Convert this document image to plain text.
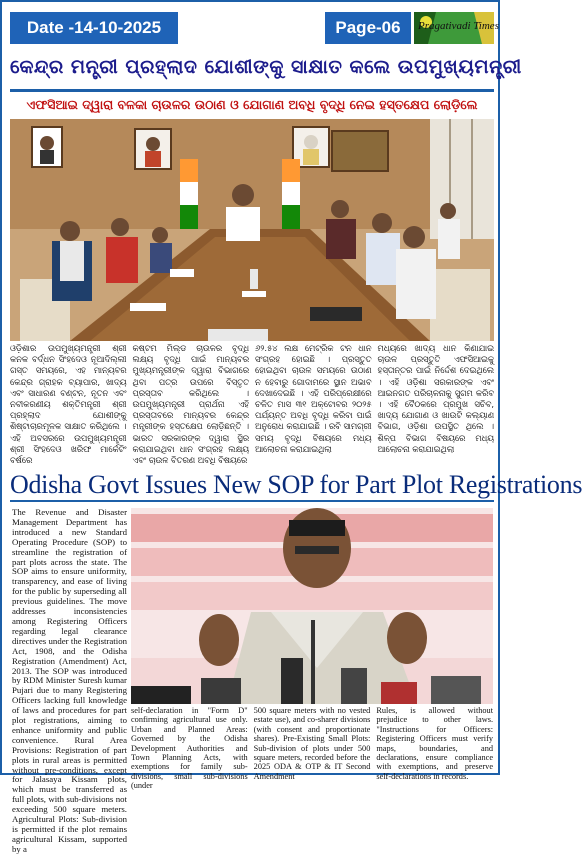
Date -14-10-2025	Page-06	Pragativadi Times
କେନ୍ଦ୍ର ମନ୍ତ୍ରୀ ପ୍ରହ୍ଲାଦ ଯୋଶୀଙ୍କୁ ସାକ୍ଷାତ କଲେ ଉପମୁଖ୍ୟମନ୍ତ୍ରୀ
ଏଫସିଆଇ ଦ୍ୱାରା ବଳକା ଚାଉଳର ଉଠାଣ ଓ ଯୋଗାଣ ଅବଧି ବୃଦ୍ଧି ନେଇ ହସ୍ତକ୍ଷେପ ଲୋଡ଼ିଲେ
ଓଡ଼ିଶାର ଉପମୁଖ୍ୟମନ୍ତ୍ରୀ ଶ୍ରୀ କନକ ବର୍ଦ୍ଧନ ସିଂହଦେଓ ନୂଆଦିଲ୍ଲୀ ଗସ୍ତ ସମୟରେ, ଏହ ମାନ୍ୟବର କେନ୍ଦ୍ର ଗ୍ରାହକ ବ୍ୟାପାର, ଖାଦ୍ୟ ଏବଂ ସାଧାରଣ ବଣ୍ଟନ, ନୂତନ ଏବଂ ନବୀକରଣୀୟ ଶକ୍ତିମନ୍ତ୍ରୀ ଶ୍ରୀ ପ୍ରହ୍ଲାଦ ଯୋଶୀଙ୍କୁ ଶିଷ୍ଟାଚାରମୂଳକ ସାକ୍ଷାତ କରିଥିଲେ । ଏହି ଅବସରରେ ଉପମୁଖ୍ୟମନ୍ତ୍ରୀ ଶ୍ରୀ ସିଂହଦେଓ ଖରିଫ ମାର୍କେଟିଂ ବର୍ଷରେ
କଷ୍ଟମ ମିଲ୍ଡ ଚାଉଳର ବୃଦ୍ଧି ଲକ୍ଷ୍ୟ ବୃଦ୍ଧି ପାଇଁ ମାନ୍ୟବର ମୁଖ୍ୟମନ୍ତ୍ରୀଙ୍କ ଦ୍ୱାରା ବିଭାଗରେ ଥିବା ପତ୍ର ଉପରେ ବିସ୍ତୃତ ପ୍ରସ୍ତାବ କରିଥିଲେ । ଉପମୁଖ୍ୟମନ୍ତ୍ରୀ ପ୍ରାର୍ଥନା ଏହି ପ୍ରସ୍ତାବରେ ମାନ୍ୟବର କେନ୍ଦ୍ର ମନ୍ତ୍ରୀଙ୍କ ହସ୍ତକ୍ଷେପ ଲୋଡ଼ିଛନ୍ତି । ଭାରତ ସରକାରଙ୍କ ଦ୍ୱାରା ସ୍ଥିର କରାଯାଇଥିବା ଧାନ ସଂଗ୍ରହ ଲକ୍ଷ୍ୟ ଏବଂ ଚାଉଳ ବିତରଣ ଅବଧି ବିଷୟରେ
୬୨.୫୪ ଲକ୍ଷ ମେଟ୍ରିକ ଟନ ଧାନ ସଂଗ୍ରହ ହୋଇଛି । ପ୍ରସ୍ତୁତ ହୋଇଥିବା ଚାଉଳ ସମୟରେ ଉଠାଣ ନ ହେବାରୁ ଗୋଦାମରେ ସ୍ଥାନ ଅଭାବ ଦେଖାଦେଇଛି । ଏହି ପରିପ୍ରେକ୍ଷୀରେ ଚଳିତ ମାସ ୩୧ ଅକ୍ଟୋବର ୨୦୨୫ ପର୍ଯ୍ୟନ୍ତ ଅବଧି ବୃଦ୍ଧି କରିବା ପାଇଁ ଅନୁରୋଧ କରାଯାଇଛି । ରବି ସାମଗ୍ରୀ ସମୟ ବୃଦ୍ଧି ବିଷୟରେ ମଧ୍ୟ ଆଲୋଚନା କରାଯାଇଥିଲା
ମଧ୍ୟରେ ଖାଦ୍ୟ ଧାନ କିଣାଯାଇ ଚାଉଳ ପ୍ରସ୍ତୁତି ଏଫସିଆଇକୁ ହସ୍ତାନ୍ତର ପାଇଁ ନିର୍ଦ୍ଦେଶ ଦେଇଥିଲେ । ଏହି ଓଡ଼ିଶା ସରକାରଙ୍କ ଏବଂ ଆଇନଗତ ପରିଚାଳନାକୁ ସୁଗମ କରିବ । ଏହି ବୈଠକରେ ପ୍ରମୁଖ ସଚିବ, ଖାଦ୍ୟ ଯୋଗାଣ ଓ ଖାଉଟି କଲ୍ୟାଣ ବିଭାଗ, ଓଡ଼ିଶା ଉପସ୍ଥିତ ଥିଲେ । ଶିଳ୍ପ ବିଭାଗ ବିଷୟରେ ମଧ୍ୟ ଆଲୋଚନା କରାଯାଇଥିଲା
Odisha Govt Issues New SOP for Part Plot Registrations
The Revenue and Disaster Management Department has introduced a new Standard Operating Procedure (SOP) to streamline the registration of part plots across the state. The SOP aims to ensure uniformity, transparency, and ease of living for the public by superseding all previous guidelines. The move addresses inconsistencies among Registering Officers regarding legal clearance directives under the Registration Act, 1908, and the Odisha Registration (Amendment) Act, 2013. The SOP was introduced by RDM Minister Suresh kumar Pujari due to many Registering Officers lacking full knowledge of laws and procedures for part plot registrations, aiming to enhance uniformity and public convenience. Rural Area Provisions: Registration of part plots in rural areas is permitted without pre-conditions, except for Jalasaya Kissam plots, which must be transferred as full plots, with sub-divisions not exceeding 500 square meters. Agricultural Plots: Sub-division is permitted if the plot remains agricultural Kissam, supported by a
self-declaration in "Form D" confirming agricultural use only. Urban and Planned Areas: Governed by the Odisha Development Authorities and Town Planning Acts, with exemptions for family sub-divisions, small sub-divisions (under
500 square meters with no vested estate use), and co-sharer divisions (with consent and proportionate shares). Pre-Existing Small Plots: Sub-division of plots under 500 square meters, recorded before the 2025 ODA & OTP & IT Second Amendment
Rules, is allowed without prejudice to other laws. "Instructions for Officers: Registering Officers must verify maps, boundaries, and declarations, ensure compliance with exemptions, and preserve self-declarations in records.
